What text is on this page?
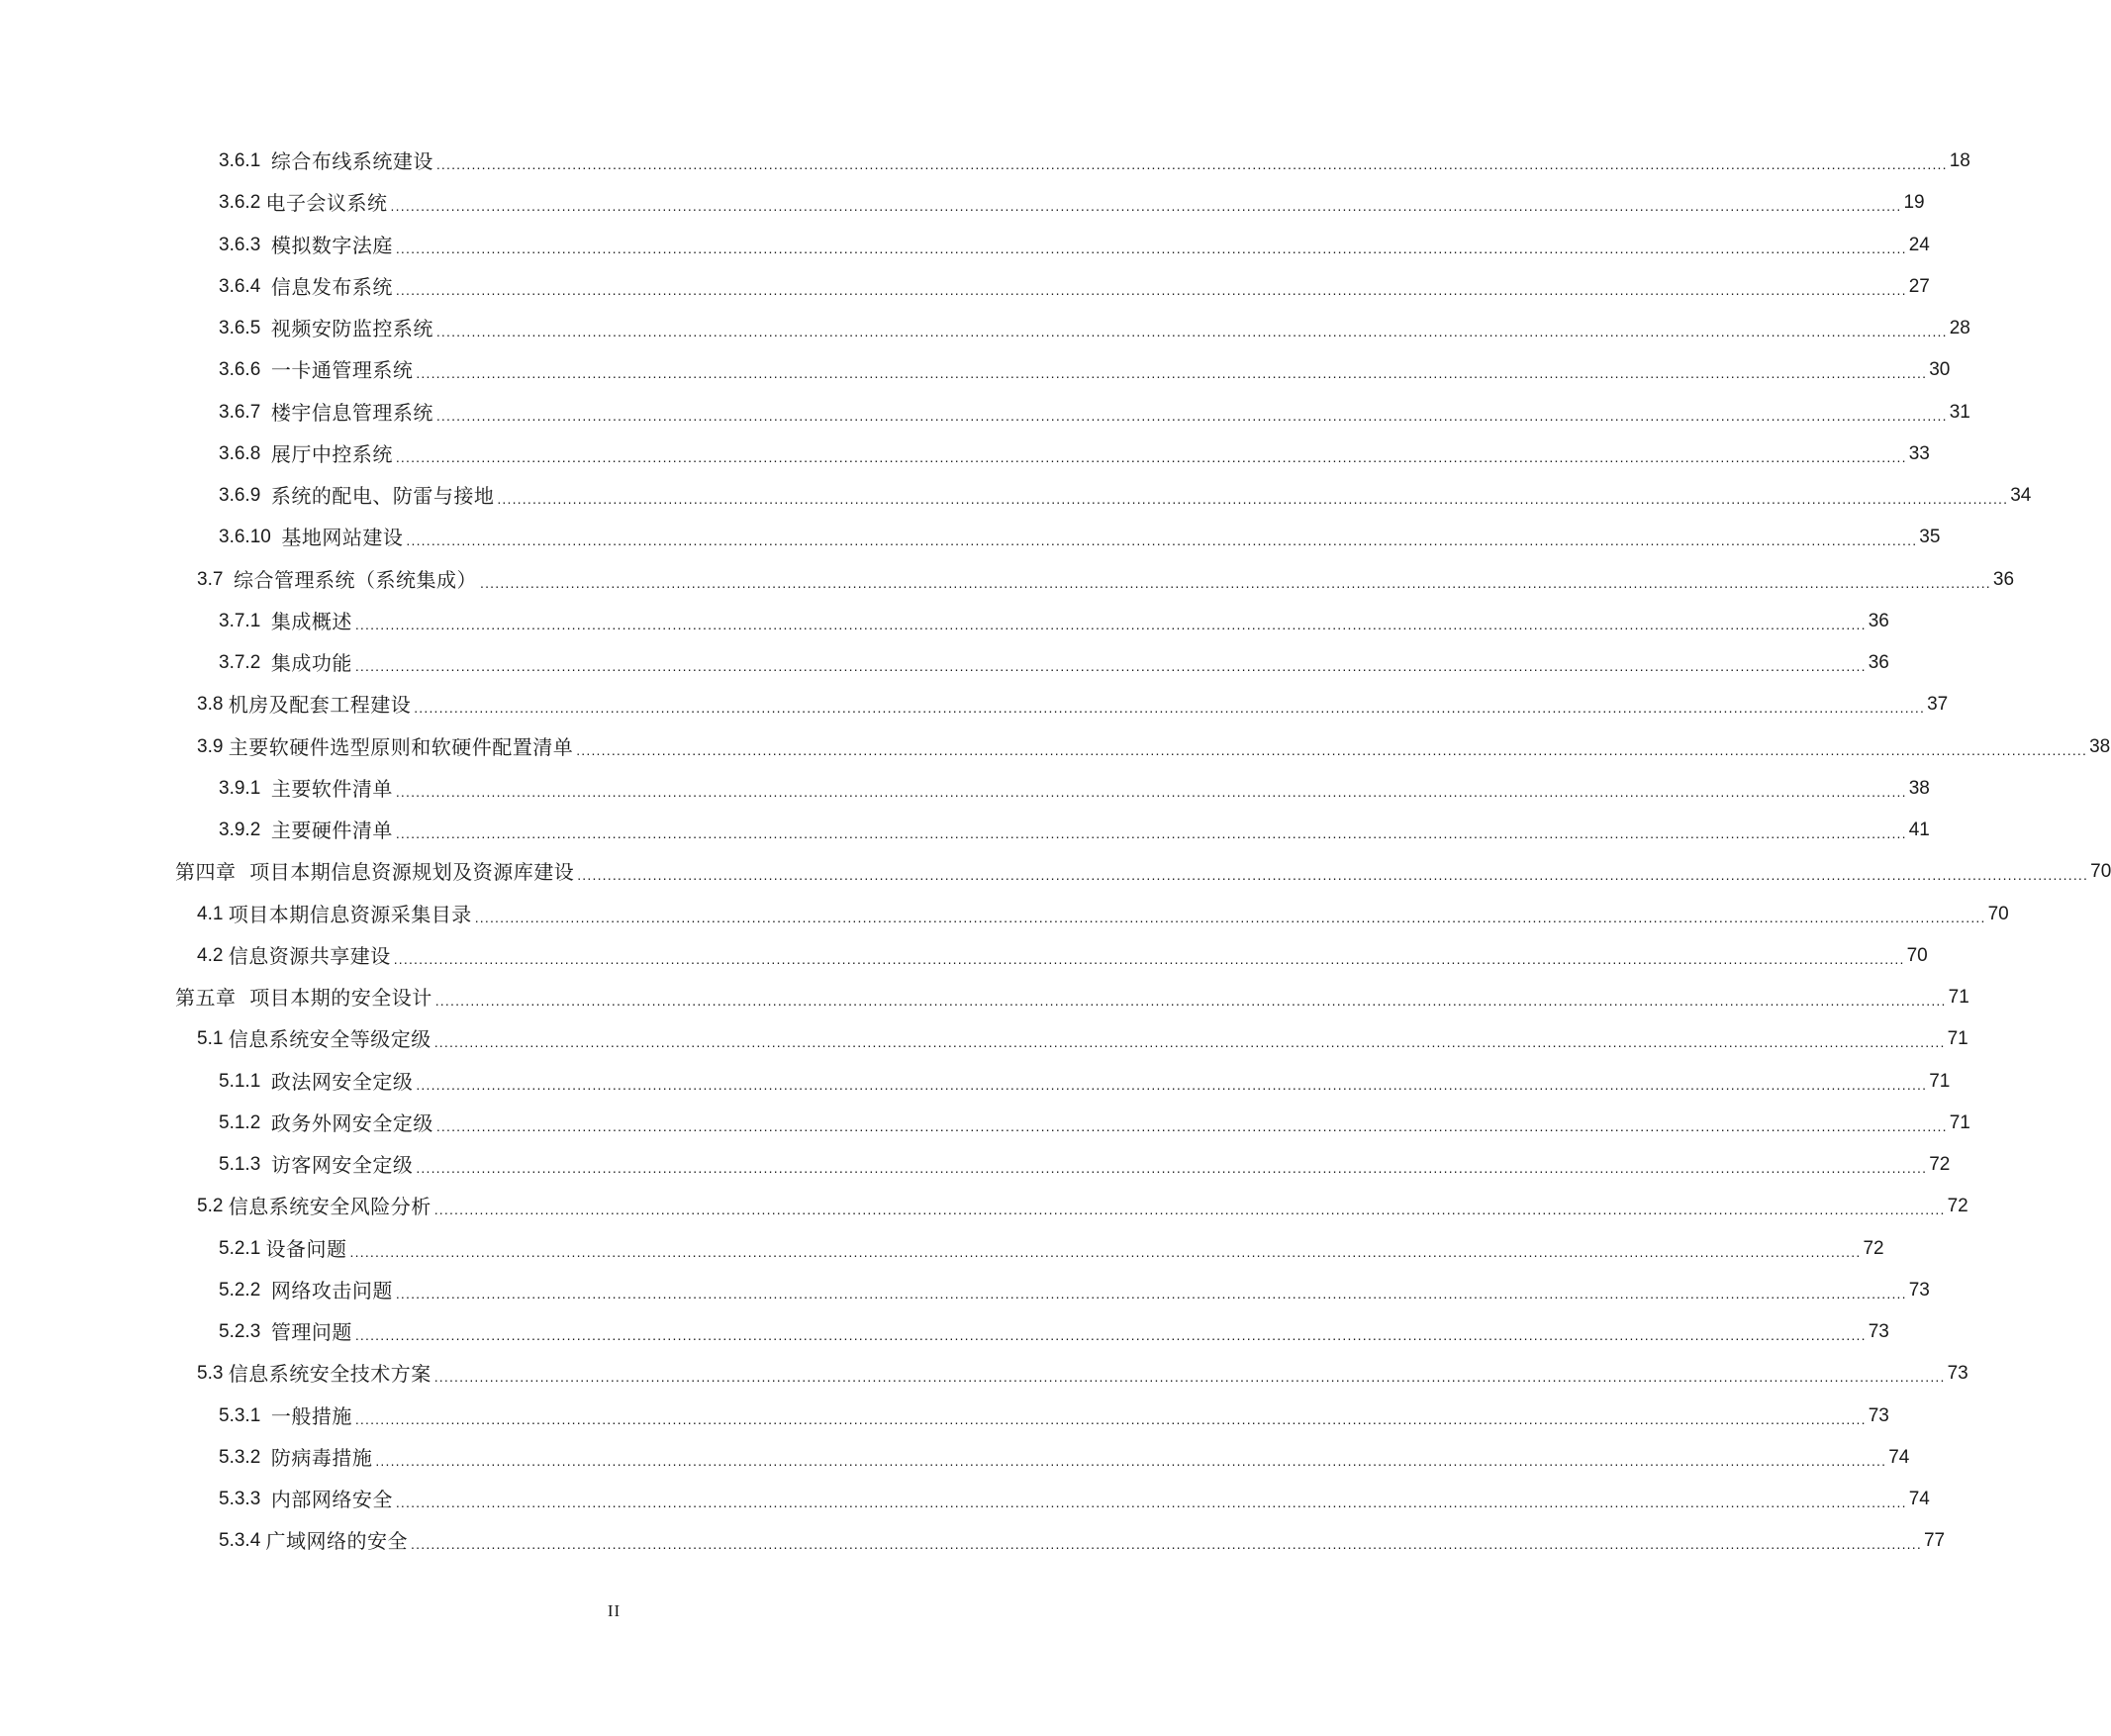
3.6.1 综合布线系统建设 ............................................................................................................................................................................................................................................................................................................ 18
3.6.2 电子会议系统 ............................................................................................................................................................................................................................................................................................................ 19
3.6.3 模拟数字法庭 ............................................................................................................................................................................................................................................................................................................ 24
3.6.4 信息发布系统 ............................................................................................................................................................................................................................................................................................................ 27
3.6.5 视频安防监控系统 ............................................................................................................................................................................................................................................................................................................ 28
3.6.6 一卡通管理系统 ............................................................................................................................................................................................................................................................................................................ 30
3.6.7 楼宇信息管理系统 ............................................................................................................................................................................................................................................................................................................ 31
3.6.8 展厅中控系统 ............................................................................................................................................................................................................................................................................................................ 33
3.6.9 系统的配电、防雷与接地 ............................................................................................................................................................................................................................................................................................................ 34
3.6.10 基地网站建设 ............................................................................................................................................................................................................................................................................................................ 35
3.7 综合管理系统（系统集成） ............................................................................................................................................................................................................................................................................................................ 36
3.7.1 集成概述 ............................................................................................................................................................................................................................................................................................................ 36
3.7.2 集成功能 ............................................................................................................................................................................................................................................................................................................ 36
3.8 机房及配套工程建设 ............................................................................................................................................................................................................................................................................................................ 37
3.9 主要软硬件选型原则和软硬件配置清单 ............................................................................................................................................................................................................................................................................................................ 38
3.9.1 主要软件清单 ............................................................................................................................................................................................................................................................................................................ 38
3.9.2 主要硬件清单 ............................................................................................................................................................................................................................................................................................................ 41
第四章  项目本期信息资源规划及资源库建设 ............................................................................................................................................................................................................................................................................................................ 70
4.1 项目本期信息资源采集目录 ............................................................................................................................................................................................................................................................................................................ 70
4.2 信息资源共享建设 ............................................................................................................................................................................................................................................................................................................ 70
第五章  项目本期的安全设计 ............................................................................................................................................................................................................................................................................................................ 71
5.1 信息系统安全等级定级 ............................................................................................................................................................................................................................................................................................................ 71
5.1.1 政法网安全定级 ............................................................................................................................................................................................................................................................................................................ 71
5.1.2 政务外网安全定级 ............................................................................................................................................................................................................................................................................................................ 71
5.1.3 访客网安全定级 ............................................................................................................................................................................................................................................................................................................ 72
5.2 信息系统安全风险分析 ............................................................................................................................................................................................................................................................................................................ 72
5.2.1 设备问题 ............................................................................................................................................................................................................................................................................................................ 72
5.2.2 网络攻击问题 ............................................................................................................................................................................................................................................................................................................ 73
5.2.3 管理问题 ............................................................................................................................................................................................................................................................................................................ 73
5.3 信息系统安全技术方案 ............................................................................................................................................................................................................................................................................................................ 73
5.3.1 一般措施 ............................................................................................................................................................................................................................................................................................................ 73
5.3.2 防病毒措施 ............................................................................................................................................................................................................................................................................................................ 74
5.3.3 内部网络安全 ............................................................................................................................................................................................................................................................................................................ 74
5.3.4 广域网络的安全 ............................................................................................................................................................................................................................................................................................................ 77
II
